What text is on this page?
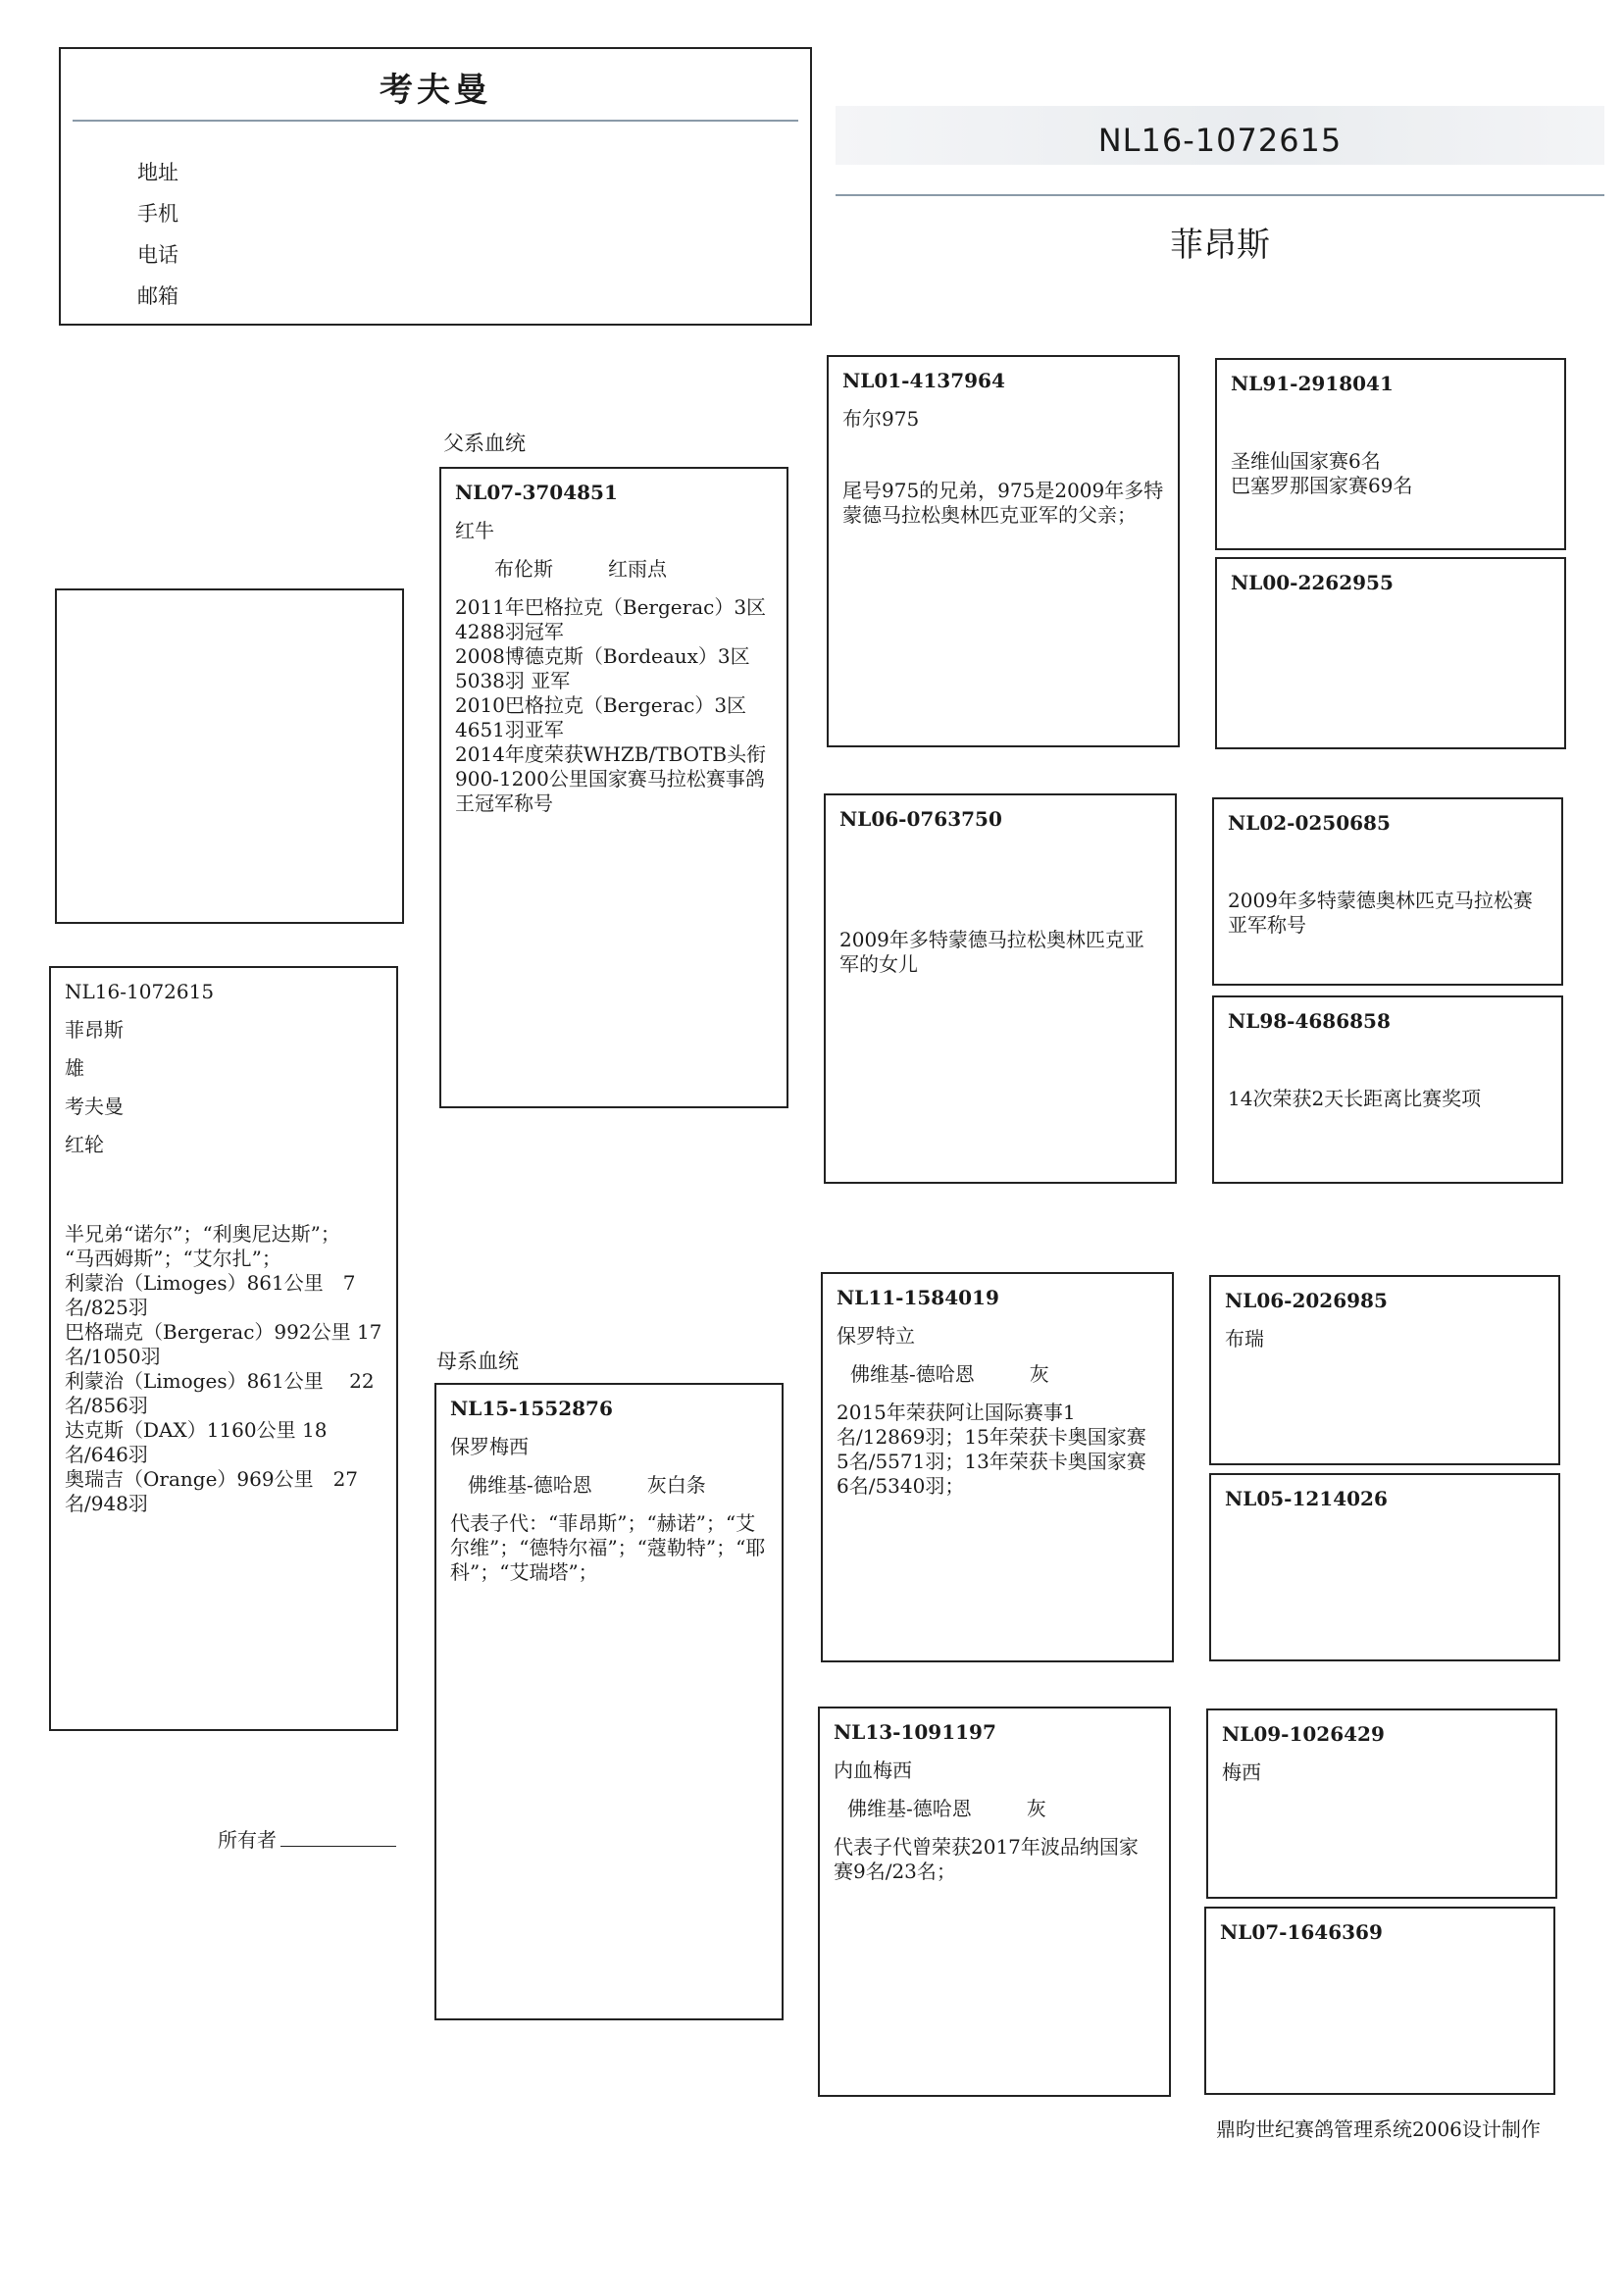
考夫曼
地址
手机
电话
邮箱
NL16-1072615
菲昂斯
NL16-1072615
菲昂斯
雄
考夫曼
红轮
半兄弟“诺尔”；“利奥尼达斯”；
“马西姆斯”；“艾尔扎”；
利蒙治（Limoges）861公里　7名/825羽
巴格瑞克（Bergerac）992公里 17名/1050羽
利蒙治（Limoges）861公里　 22名/856羽
达克斯（DAX）1160公里 18名/646羽
奥瑞吉（Orange）969公里　27名/948羽
父系血统
母系血统
NL07-3704851
红牛
布伦斯	红雨点
2011年巴格拉克（Bergerac）3区4288羽冠军
2008博德克斯（Bordeaux）3区 5038羽 亚军
2010巴格拉克（Bergerac）3区 4651羽亚军
2014年度荣获WHZB/TBOTB头衔900-1200公里国家赛马拉松赛事鸽王冠军称号
NL15-1552876
保罗梅西
佛维基-德哈恩	灰白条
代表子代：“菲昂斯”；“赫诺”；“艾尔维”；“德特尔福”；“蔻勒特”；“耶科”；“艾瑞塔”；
NL01-4137964
布尔975
尾号975的兄弟，975是2009年多特蒙德马拉松奥林匹克亚军的父亲；
NL06-0763750
2009年多特蒙德马拉松奥林匹克亚军的女儿
NL11-1584019
保罗特立
佛维基-德哈恩	灰
2015年荣获阿让国际赛事1名/12869羽；15年荣获卡奥国家赛5名/5571羽；13年荣获卡奥国家赛6名/5340羽；
NL13-1091197
内血梅西
佛维基-德哈恩	灰
代表子代曾荣获2017年波品纳国家赛9名/23名；
NL91-2918041
圣维仙国家赛6名
巴塞罗那国家赛69名
NL00-2262955
NL02-0250685
2009年多特蒙德奥林匹克马拉松赛亚军称号
NL98-4686858
14次荣获2天长距离比赛奖项
NL06-2026985
布瑞
NL05-1214026
NL09-1026429
梅西
NL07-1646369
所有者
鼎昀世纪赛鸽管理系统2006设计制作
